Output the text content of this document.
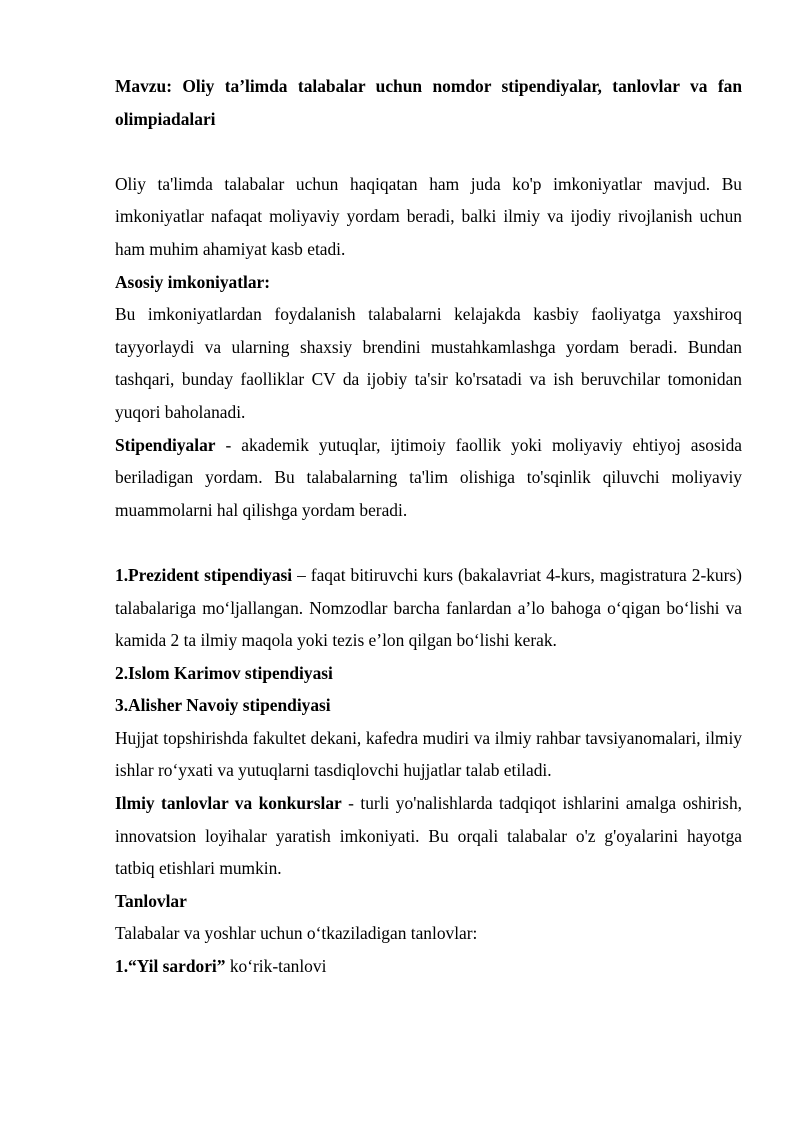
Mavzu: Oliy ta’limda talabalar uchun nomdor stipendiyalar, tanlovlar va fan olimpiadalari

Oliy ta'limda talabalar uchun haqiqatan ham juda ko'p imkoniyatlar mavjud. Bu imkoniyatlar nafaqat moliyaviy yordam beradi, balki ilmiy va ijodiy rivojlanish uchun ham muhim ahamiyat kasb etadi.

Asosiy imkoniyatlar:

Bu imkoniyatlardan foydalanish talabalarni kelajakda kasbiy faoliyatga yaxshiroq tayyorlaydi va ularning shaxsiy brendini mustahkamlashga yordam beradi. Bundan tashqari, bunday faolliklar CV da ijobiy ta'sir ko'rsatadi va ish beruvchilar tomonidan yuqori baholanadi.

Stipendiyalar - akademik yutuqlar, ijtimoiy faollik yoki moliyaviy ehtiyoj asosida beriladigan yordam. Bu talabalarning ta'lim olishiga to'sqinlik qiluvchi moliyaviy muammolarni hal qilishga yordam beradi.

1.Prezident stipendiyasi – faqat bitiruvchi kurs (bakalavriat 4-kurs, magistratura 2-kurs) talabalariga mo‘ljallangan. Nomzodlar barcha fanlardan a’lo bahoga o‘qigan bo‘lishi va kamida 2 ta ilmiy maqola yoki tezis e’lon qilgan bo‘lishi kerak.

2.Islom Karimov stipendiyasi

3.Alisher Navoiy stipendiyasi

Hujjat topshirishda fakultet dekani, kafedra mudiri va ilmiy rahbar tavsiyanomalari, ilmiy ishlar ro‘yxati va yutuqlarni tasdiqlovchi hujjatlar talab etiladi.

Ilmiy tanlovlar va konkurslar - turli yo'nalishlarda tadqiqot ishlarini amalga oshirish, innovatsion loyihalar yaratish imkoniyati. Bu orqali talabalar o'z g'oyalarini hayotga tatbiq etishlari mumkin.

Tanlovlar

Talabalar va yoshlar uchun o‘tkaziladigan tanlovlar:

1.“Yil sardori” ko‘rik-tanlovi
